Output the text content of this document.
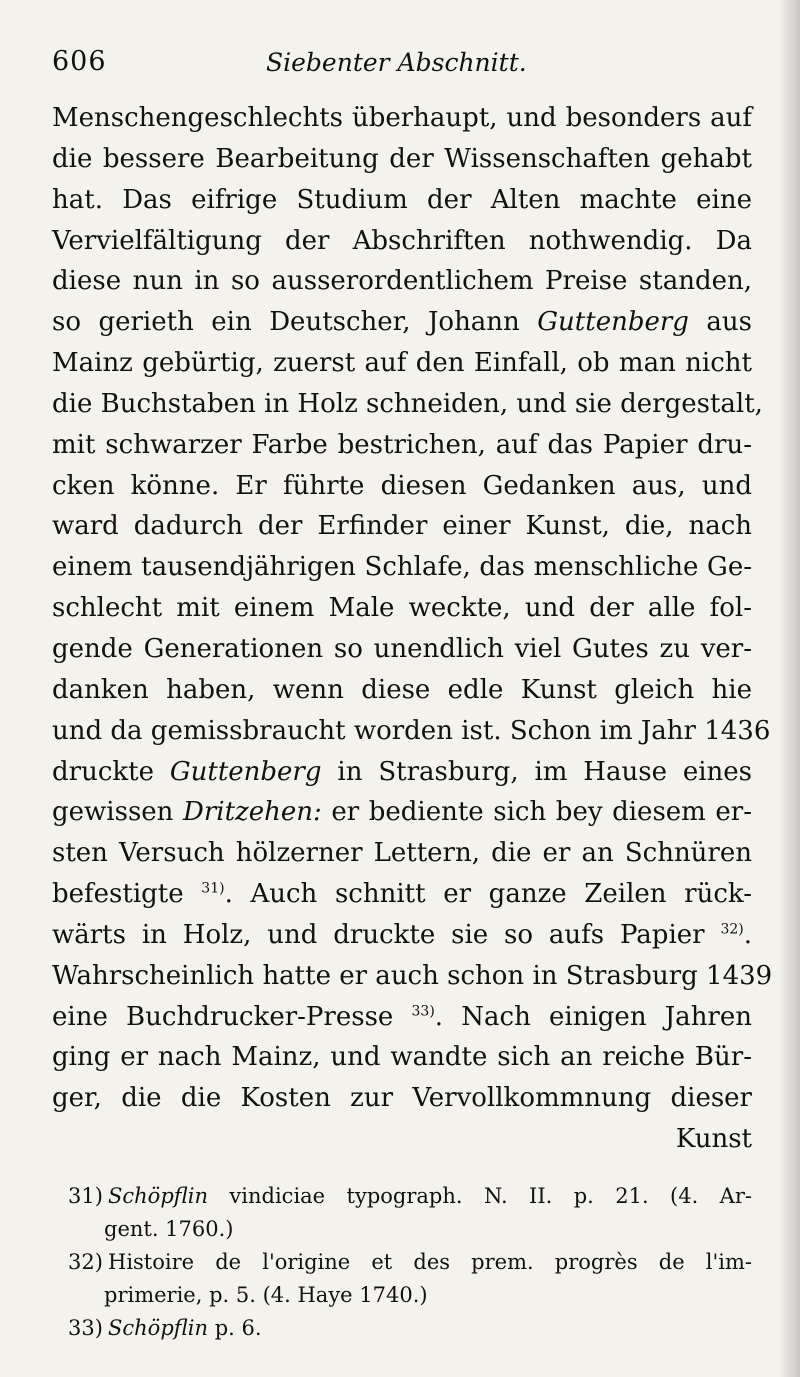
606	Siebenter Abschnitt.
Menschengeschlechts überhaupt, und besonders auf
die bessere Bearbeitung der Wissenschaften gehabt
hat. Das eifrige Studium der Alten machte eine
Vervielfältigung der Abschriften nothwendig. Da
diese nun in so ausserordentlichem Preise standen,
so gerieth ein Deutscher, Johann Guttenberg aus
Mainz gebürtig, zuerst auf den Einfall, ob man nicht
die Buchstaben in Holz schneiden, und sie dergestalt,
mit schwarzer Farbe bestrichen, auf das Papier dru-
cken könne. Er führte diesen Gedanken aus, und
ward dadurch der Erfinder einer Kunst, die, nach
einem tausendjährigen Schlafe, das menschliche Ge-
schlecht mit einem Male weckte, und der alle fol-
gende Generationen so unendlich viel Gutes zu ver-
danken haben, wenn diese edle Kunst gleich hie
und da gemissbraucht worden ist. Schon im Jahr 1436
druckte Guttenberg in Strasburg, im Hause eines
gewissen Dritzehen: er bediente sich bey diesem er-
sten Versuch hölzerner Lettern, die er an Schnüren
befestigte $^{31)}$. Auch schnitt er ganze Zeilen rück-
wärts in Holz, und druckte sie so aufs Papier $^{32)}$.
Wahrscheinlich hatte er auch schon in Strasburg 1439
eine Buchdrucker-Presse $^{33)}$. Nach einigen Jahren
ging er nach Mainz, und wandte sich an reiche Bür-
ger, die die Kosten zur Vervollkommnung dieser
Kunst
31) Schöpflin vindiciae typograph. N. II. p. 21. (4. Ar-
gent. 1760.)
32) Histoire de l'origine et des prem. progrès de l'im-
primerie, p. 5. (4. Haye 1740.)
33) Schöpflin p. 6.
